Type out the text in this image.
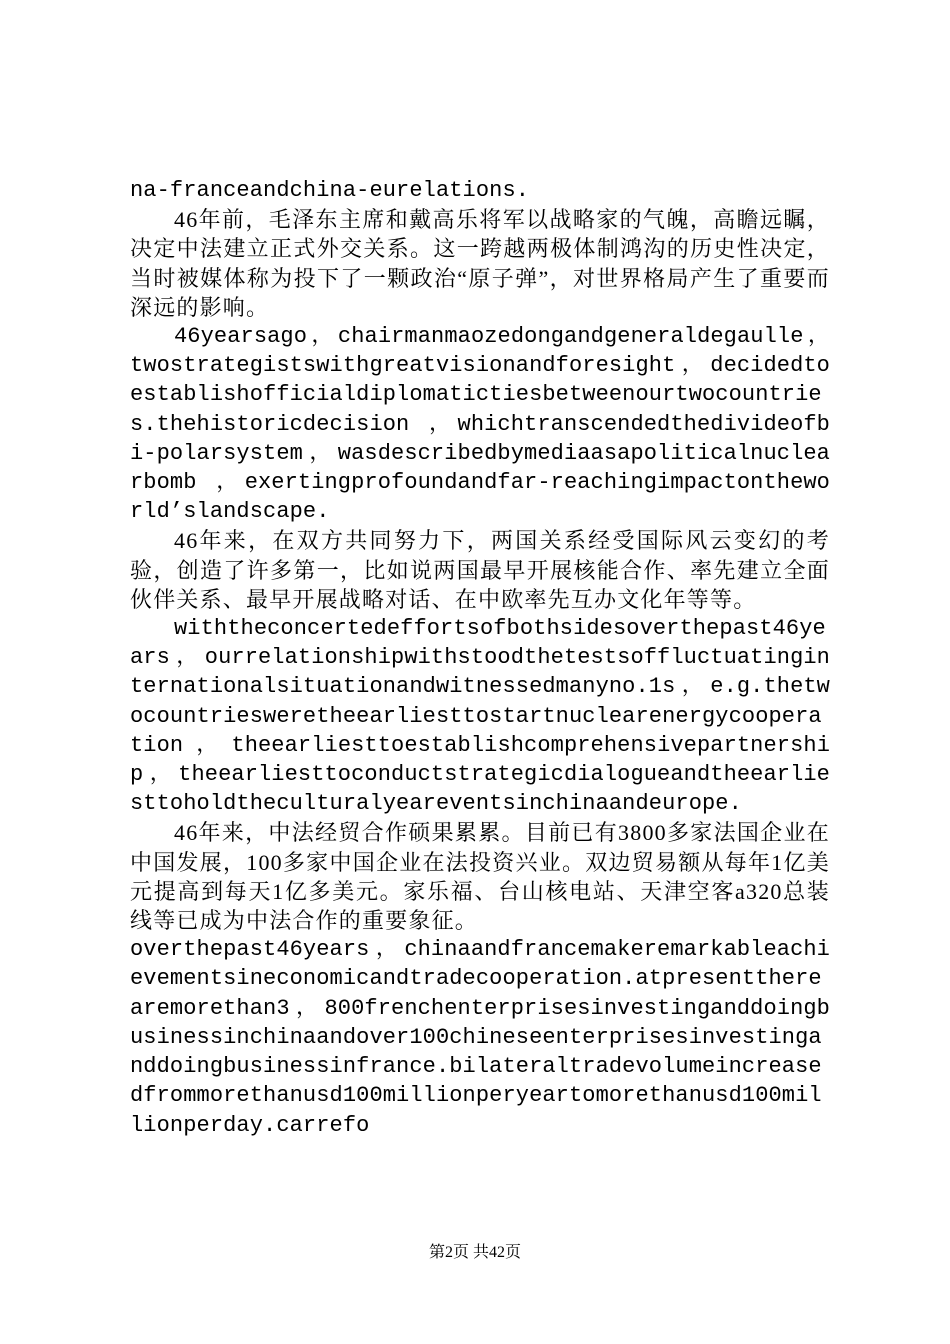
na-franceandchina-eurelations.

46年前，毛泽东主席和戴高乐将军以战略家的气魄，高瞻远瞩，决定中法建立正式外交关系。这一跨越两极体制鸿沟的历史性决定，当时被媒体称为投下了一颗政治“原子弹”，对世界格局产生了重要而深远的影响。

46yearsago，chairmanmaozedongandgeneraldegaulle，twostrategistswithgreatvisionandforesight，decidedtoestablishofficialdiplomatictiesbetweenourtwocountries.thehistoricdecision ，whichtranscendedthedivideofbi-polarsystem，wasdescribedbymediaasapoliticalnuclearbomb ，exertingprofoundandfar-reachingimpactontheworld’slandscape.

46年来，在双方共同努力下，两国关系经受国际风云变幻的考验，创造了许多第一，比如说两国最早开展核能合作、率先建立全面伙伴关系、最早开展战略对话、在中欧率先互办文化年等等。

withtheconcertedeffortsofbothsidesoverthepast46years，ourrelationshipwithstoodthetestsoffluctuatinginternationalsituationandwitnessedmanyno.1s，e.g.thetwocountriesweretheearliesttostartnuclearenergycooperation，theearliesttoestablishcomprehensivepartnership，theearliesttoconductstrategicdialogueandtheearliesttoholdtheculturalyeareventsinchinaandeurope.

46年来，中法经贸合作硕果累累。目前已有3800多家法国企业在中国发展，100多家中国企业在法投资兴业。双边贸易额从每年1亿美元提高到每天1亿多美元。家乐福、台山核电站、天津空客a320总装线等已成为中法合作的重要象征。

overthepast46years，chinaandfrancemakeremarkableachievementsineconomicandtradecooperation.atpresenttherearemorethan3，800frenchenterprisesinvestinganddoingbusinessinchinaandover100chineseenterprisesinvestinganddoingbusinessinfrance.bilateraltradevolumeincreasedfrommorethanusd100millionperyeartomorethanusd100millionperday.carrefo

第2页 共42页
